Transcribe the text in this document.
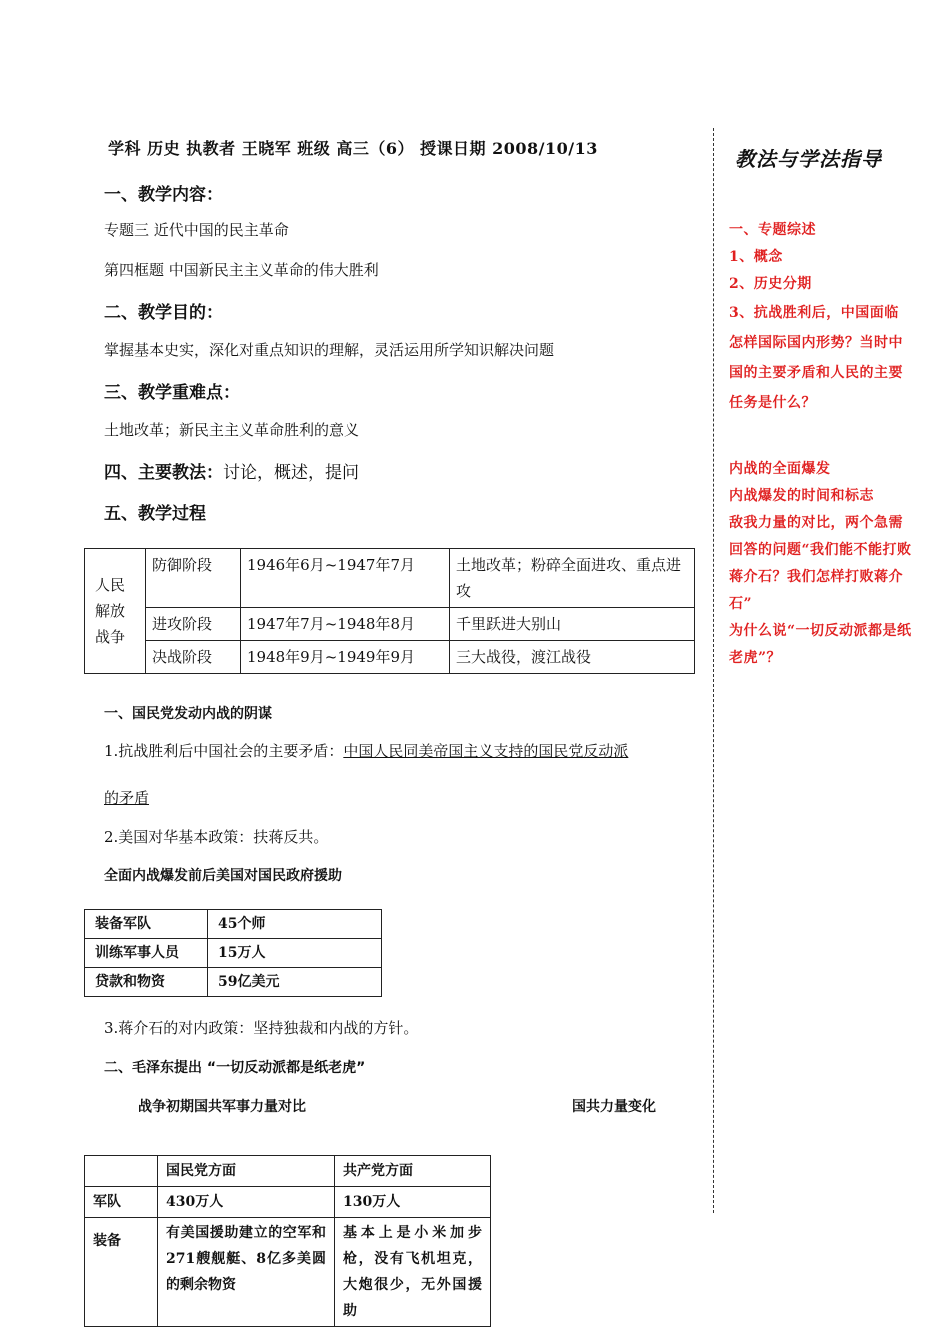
学科 历史 执教者 王晓军 班级 高三（6） 授课日期 2008/10/13
一、教学内容：
专题三 近代中国的民主革命
第四框题 中国新民主主义革命的伟大胜利
二、教学目的：
掌握基本史实，深化对重点知识的理解，灵活运用所学知识解决问题
三、教学重难点：
土地改革；新民主主义革命胜利的意义
四、主要教法：讨论，概述，提问
五、教学过程
人民
解放
战争	防御阶段	1946年6月~1947年7月	土地改革；粉碎全面进攻、重点进攻
	进攻阶段	1947年7月~1948年8月	千里跃进大别山
	决战阶段	1948年9月~1949年9月	三大战役，渡江战役
一、国民党发动内战的阴谋
1.抗战胜利后中国社会的主要矛盾：中国人民同美帝国主义支持的国民党反动派
的矛盾
2.美国对华基本政策：扶蒋反共。
全面内战爆发前后美国对国民政府援助
装备军队	45个师
训练军事人员	15万人
贷款和物资	59亿美元
3.蒋介石的对内政策：坚持独裁和内战的方针。
二、毛泽东提出 “一切反动派都是纸老虎”
战争初期国共军事力量对比	国共力量变化
	国民党方面	共产党方面
军队	430万人	130万人
装备	有美国援助建立的空军和271艘舰艇、8亿多美圆的剩余物资	基本上是小米加步枪，没有飞机坦克，大炮很少，无外国援助
教法与学法指导
一、专题综述
1、概念
2、历史分期
3、抗战胜利后，中国面临怎样国际国内形势？当时中国的主要矛盾和人民的主要任务是什么？
内战的全面爆发
内战爆发的时间和标志
敌我力量的对比，两个急需回答的问题“我们能不能打败蒋介石？我们怎样打败蒋介石”
为什么说“一切反动派都是纸老虎”？
